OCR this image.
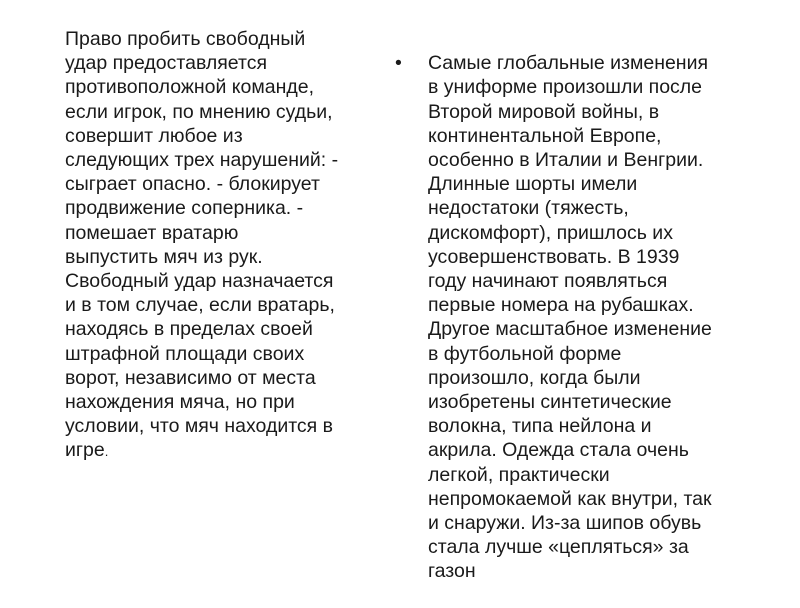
Право пробить свободный
удар предоставляется
противоположной команде,
если игрок, по мнению судьи,
совершит любое из
следующих трех нарушений: -
сыграет опасно. - блокирует
продвижение соперника. -
помешает вратарю
выпустить мяч из рук.
Свободный удар назначается
и в том случае, если вратарь,
находясь в пределах своей
штрафной площади своих
ворот, независимо от места
нахождения мяча, но при
условии, что мяч находится в
игре.

•	Самые глобальные изменения
в униформе произошли после
Второй мировой войны, в
континентальной Европе,
особенно в Италии и Венгрии.
Длинные шорты имели
недостатоки (тяжесть,
дискомфорт), пришлось их
усовершенствовать. В 1939
году начинают появляться
первые номера на рубашках.
Другое масштабное изменение
в футбольной форме
произошло, когда были
изобретены синтетические
волокна, типа нейлона и
акрила. Одежда стала очень
легкой, практически
непромокаемой как внутри, так
и снаружи. Из-за шипов обувь
стала лучше «цепляться» за
газон
